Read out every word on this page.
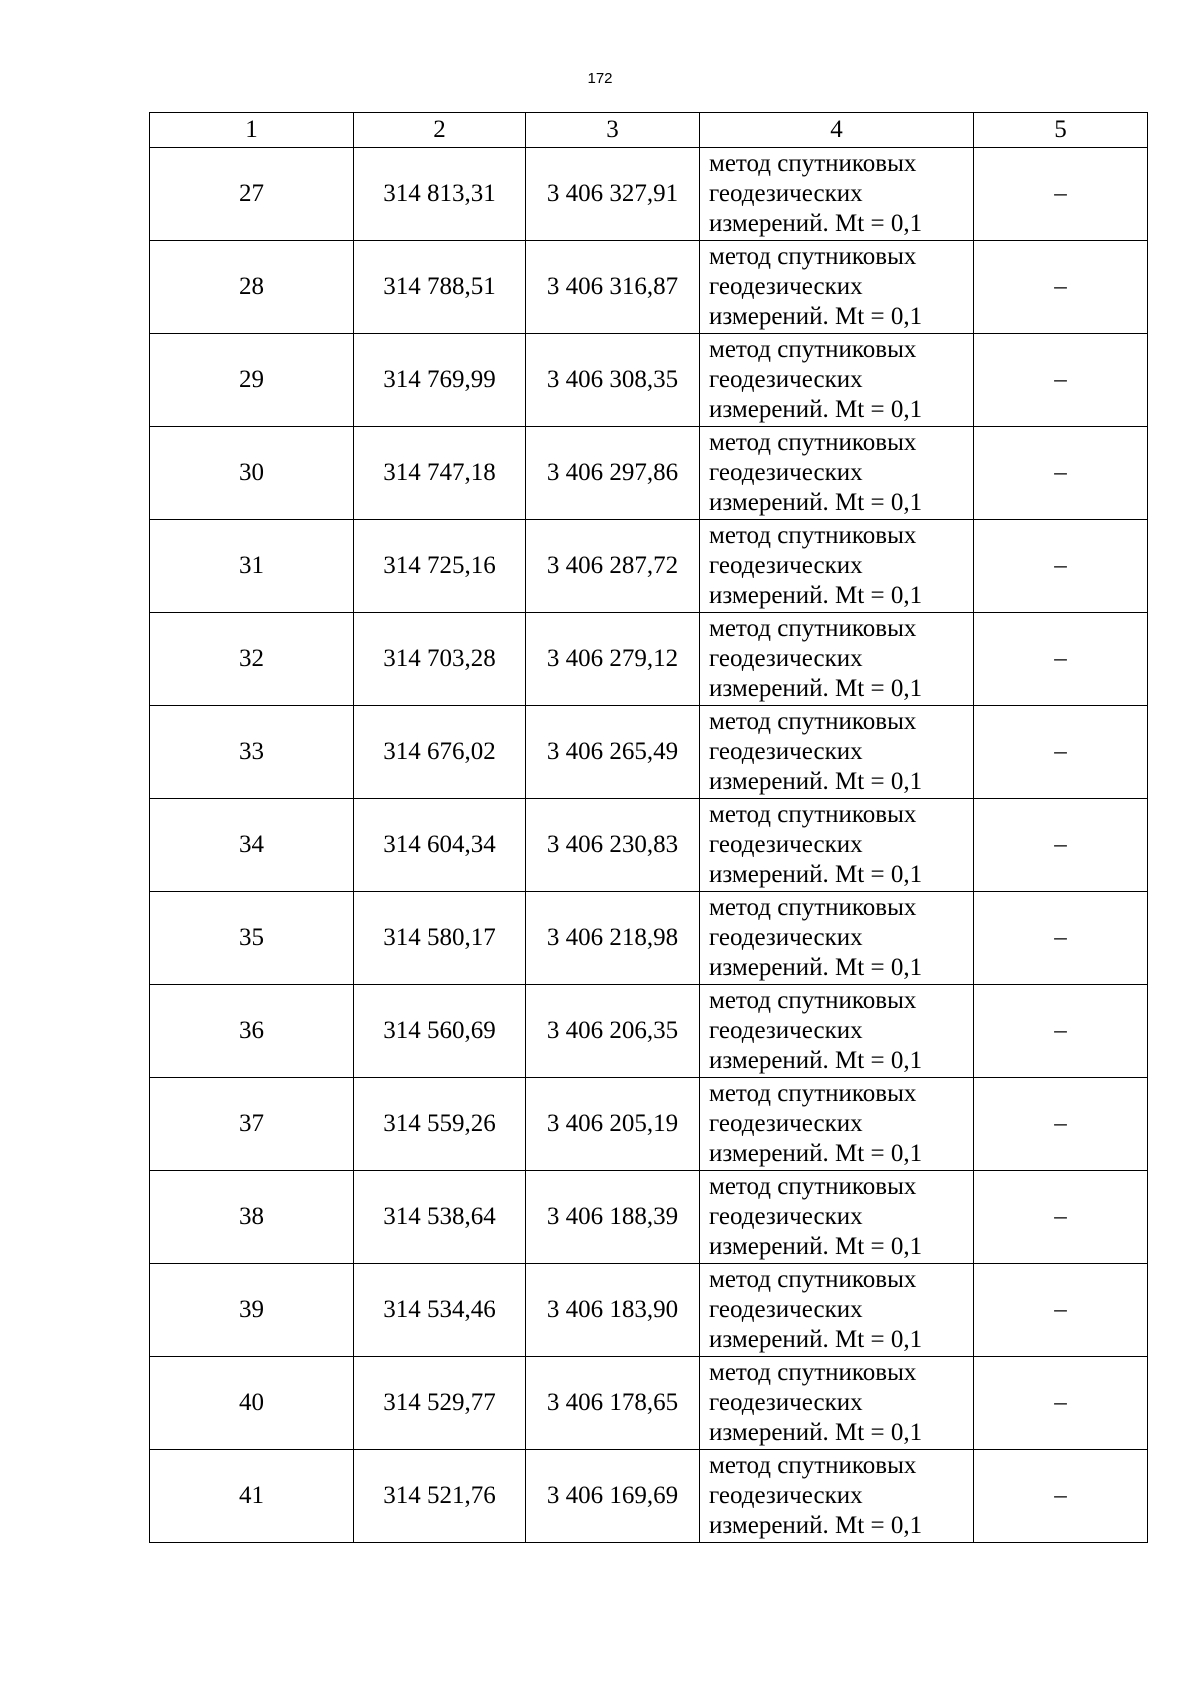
172
1	2	3	4	5
27	314 813,31	3 406 327,91	метод спутниковых
геодезических
измерений. Mt = 0,1	–
28	314 788,51	3 406 316,87	метод спутниковых
геодезических
измерений. Mt = 0,1	–
29	314 769,99	3 406 308,35	метод спутниковых
геодезических
измерений. Mt = 0,1	–
30	314 747,18	3 406 297,86	метод спутниковых
геодезических
измерений. Mt = 0,1	–
31	314 725,16	3 406 287,72	метод спутниковых
геодезических
измерений. Mt = 0,1	–
32	314 703,28	3 406 279,12	метод спутниковых
геодезических
измерений. Mt = 0,1	–
33	314 676,02	3 406 265,49	метод спутниковых
геодезических
измерений. Mt = 0,1	–
34	314 604,34	3 406 230,83	метод спутниковых
геодезических
измерений. Mt = 0,1	–
35	314 580,17	3 406 218,98	метод спутниковых
геодезических
измерений. Mt = 0,1	–
36	314 560,69	3 406 206,35	метод спутниковых
геодезических
измерений. Mt = 0,1	–
37	314 559,26	3 406 205,19	метод спутниковых
геодезических
измерений. Mt = 0,1	–
38	314 538,64	3 406 188,39	метод спутниковых
геодезических
измерений. Mt = 0,1	–
39	314 534,46	3 406 183,90	метод спутниковых
геодезических
измерений. Mt = 0,1	–
40	314 529,77	3 406 178,65	метод спутниковых
геодезических
измерений. Mt = 0,1	–
41	314 521,76	3 406 169,69	метод спутниковых
геодезических
измерений. Mt = 0,1	–
